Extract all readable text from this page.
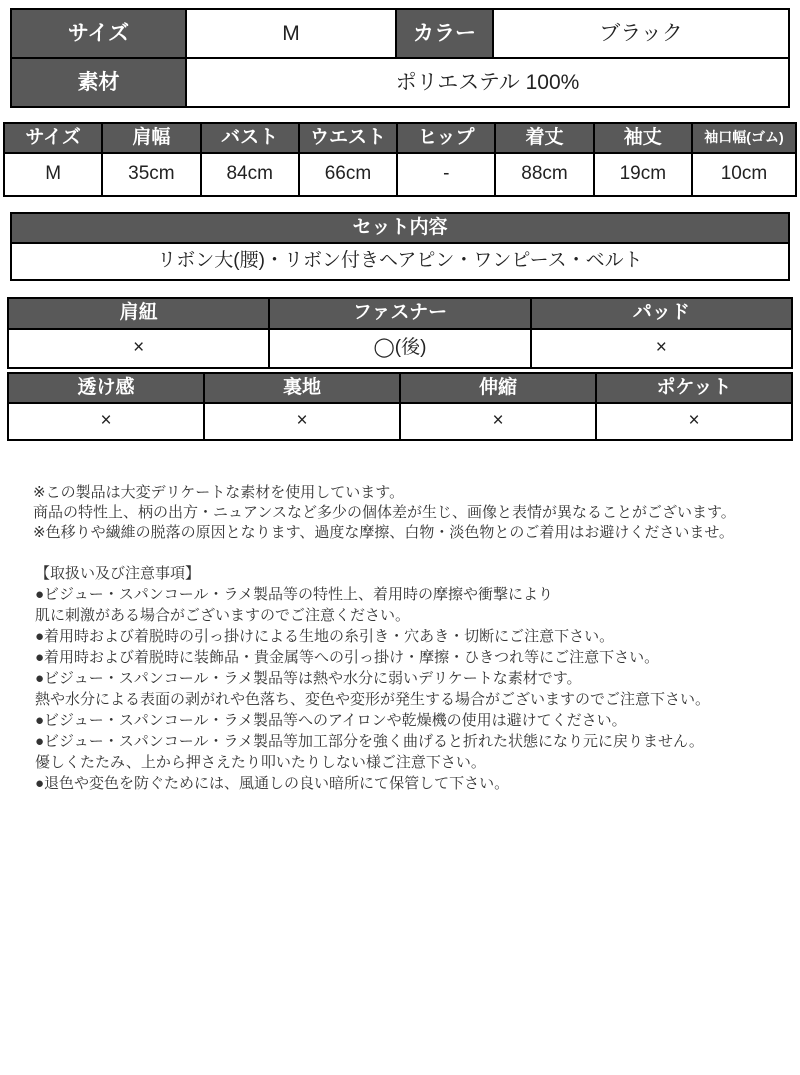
サイズ	M	カラー	ブラック
素材	ポリエステル 100%
サイズ	肩幅	バスト	ウエスト	ヒップ	着丈	袖丈	袖口幅(ゴム)
M	35cm	84cm	66cm	-	88cm	19cm	10cm
セット内容
リボン大(腰)・リボン付きヘアピン・ワンピース・ベルト
肩紐	ファスナー	パッド
×	◯(後)	×
透け感	裏地	伸縮	ポケット
×	×	×	×
※この製品は大変デリケートな素材を使用しています。
商品の特性上、柄の出方・ニュアンスなど多少の個体差が生じ、画像と表情が異なることがございます。
※色移りや繊維の脱落の原因となります、過度な摩擦、白物・淡色物とのご着用はお避けくださいませ。
【取扱い及び注意事項】
●ビジュー・スパンコール・ラメ製品等の特性上、着用時の摩擦や衝撃により
肌に刺激がある場合がございますのでご注意ください。
●着用時および着脱時の引っ掛けによる生地の糸引き・穴あき・切断にご注意下さい。
●着用時および着脱時に装飾品・貴金属等への引っ掛け・摩擦・ひきつれ等にご注意下さい。
●ビジュー・スパンコール・ラメ製品等は熱や水分に弱いデリケートな素材です。
熱や水分による表面の剥がれや色落ち、変色や変形が発生する場合がございますのでご注意下さい。
●ビジュー・スパンコール・ラメ製品等へのアイロンや乾燥機の使用は避けてください。
●ビジュー・スパンコール・ラメ製品等加工部分を強く曲げると折れた状態になり元に戻りません。
優しくたたみ、上から押さえたり叩いたりしない様ご注意下さい。
●退色や変色を防ぐためには、風通しの良い暗所にて保管して下さい。
